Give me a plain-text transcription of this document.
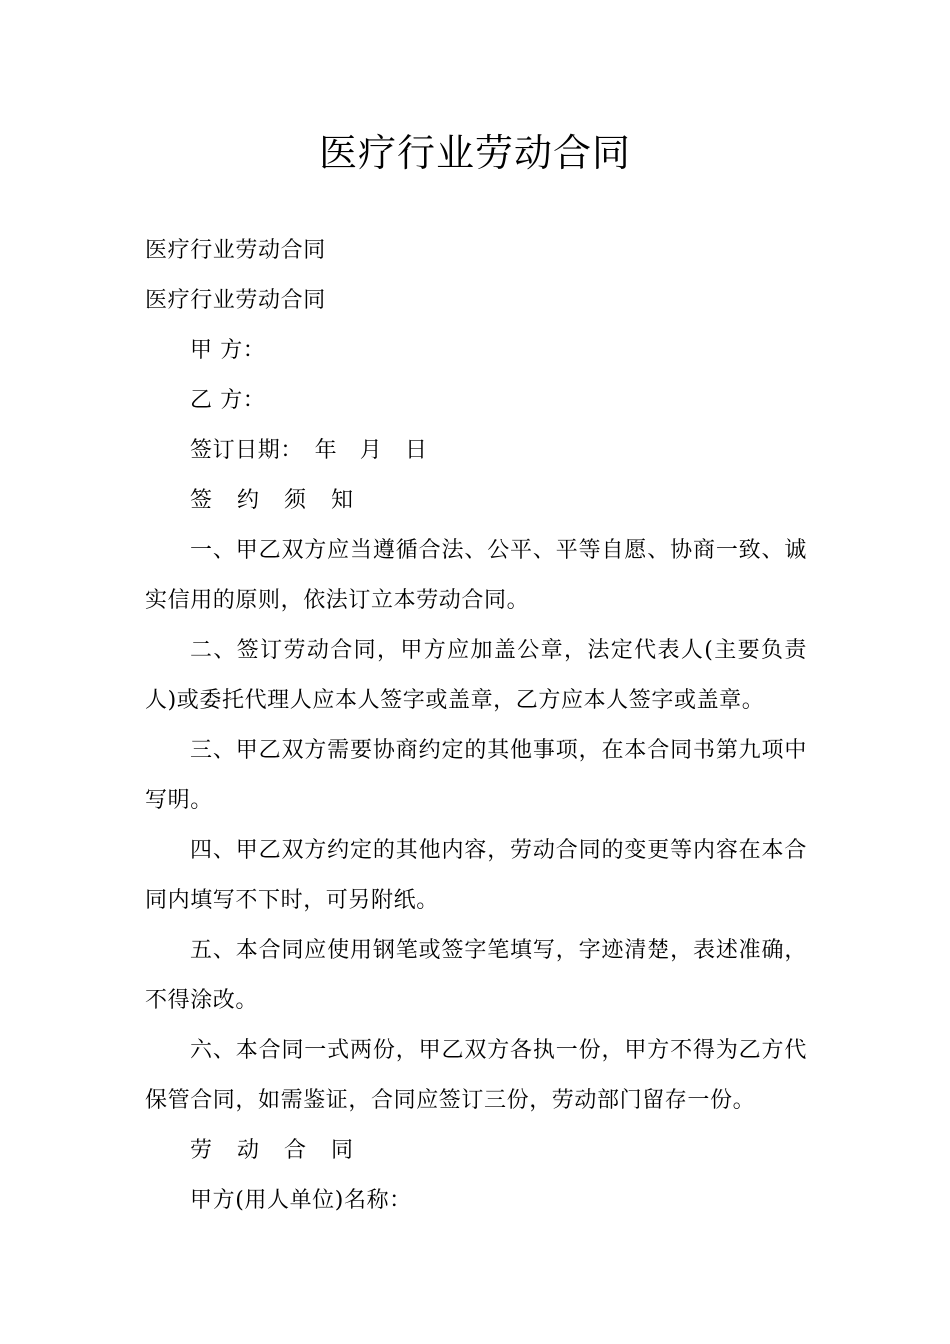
医疗行业劳动合同

医疗行业劳动合同

医疗行业劳动合同

甲 方：

乙 方：

签订日期：　年　月　日

签 约 须 知

一、甲乙双方应当遵循合法、公平、平等自愿、协商一致、诚实信用的原则，依法订立本劳动合同。

二、签订劳动合同，甲方应加盖公章，法定代表人(主要负责人)或委托代理人应本人签字或盖章，乙方应本人签字或盖章。

三、甲乙双方需要协商约定的其他事项，在本合同书第九项中写明。

四、甲乙双方约定的其他内容，劳动合同的变更等内容在本合同内填写不下时，可另附纸。

五、本合同应使用钢笔或签字笔填写，字迹清楚，表述准确，不得涂改。

六、本合同一式两份，甲乙双方各执一份，甲方不得为乙方代保管合同，如需鉴证，合同应签订三份，劳动部门留存一份。

劳 动 合 同

甲方(用人单位)名称：
